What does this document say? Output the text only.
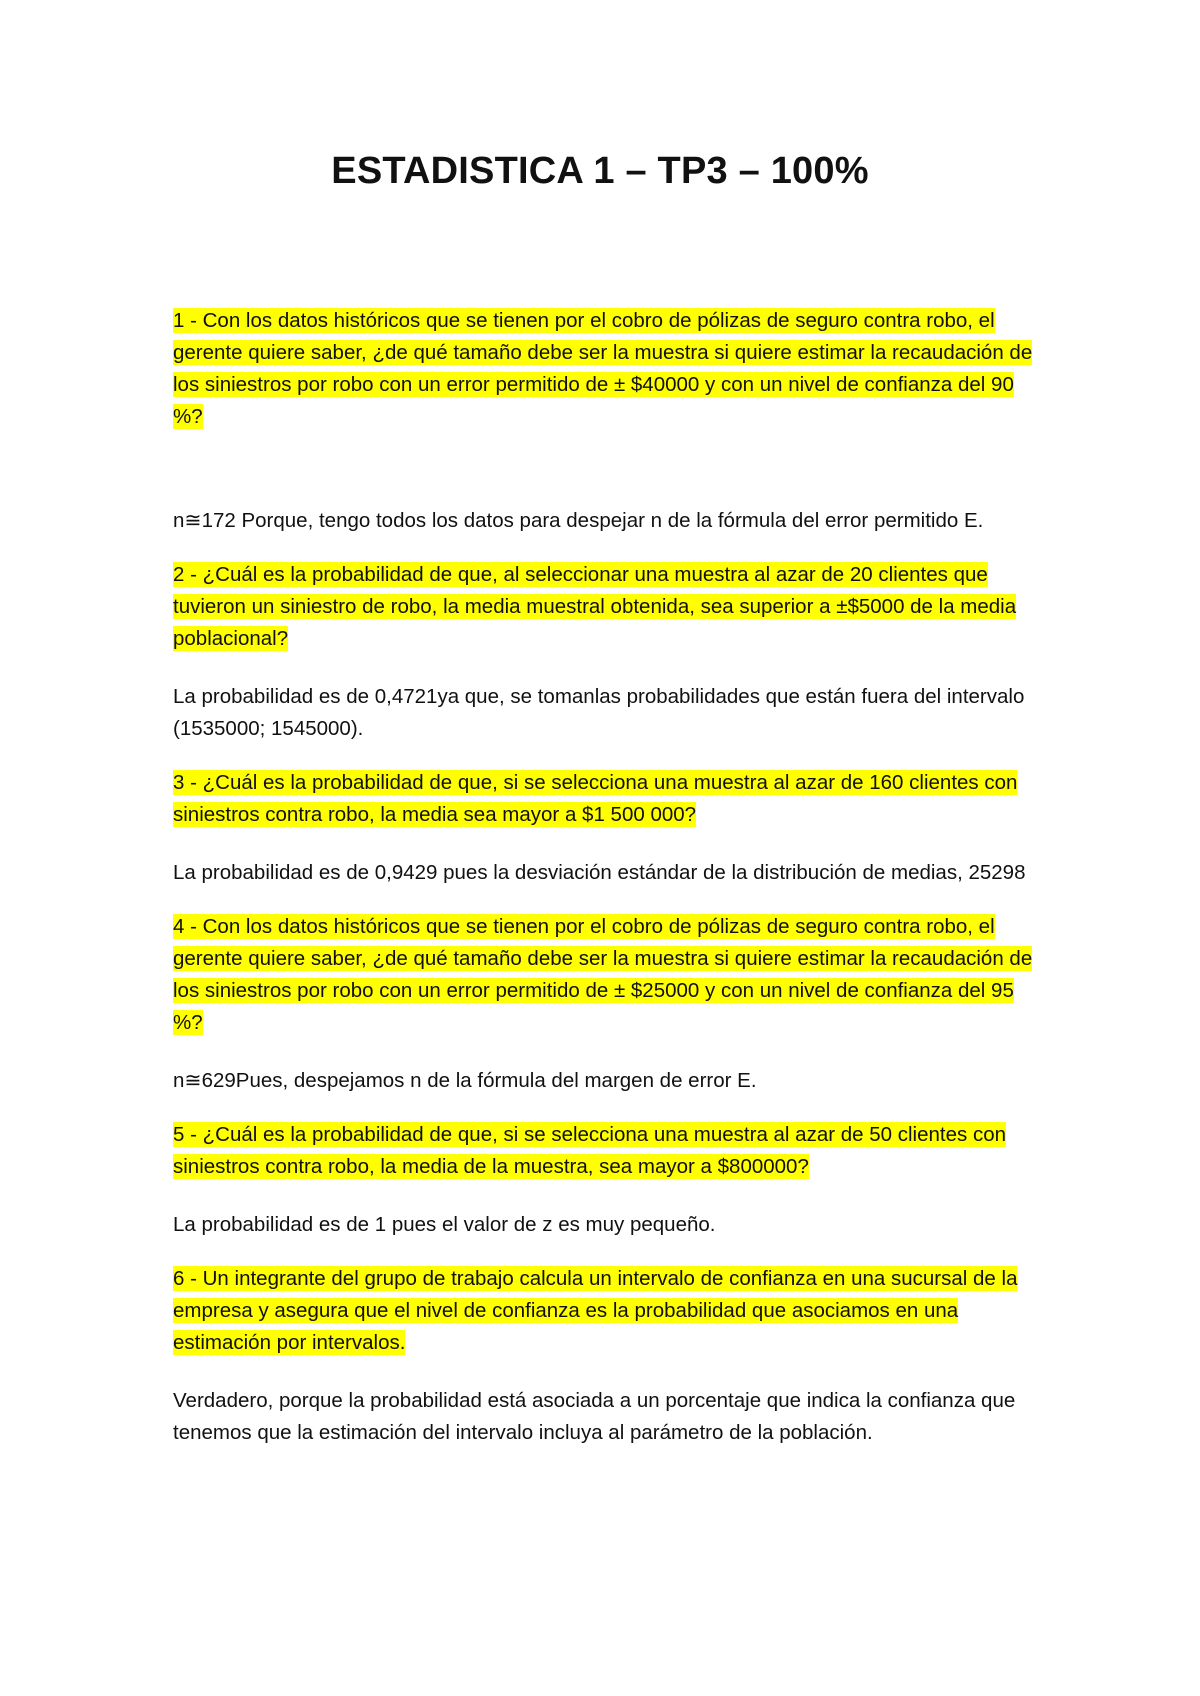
ESTADISTICA 1 – TP3 – 100%

1 - Con los datos históricos que se tienen por el cobro de pólizas de seguro contra robo, el gerente quiere saber, ¿de qué tamaño debe ser la muestra si quiere estimar la recaudación de los siniestros por robo con un error permitido de ± $40000 y con un nivel de confianza del 90 %?

n≅172 Porque, tengo todos los datos para despejar n de la fórmula del error permitido E.

2 - ¿Cuál es la probabilidad de que, al seleccionar una muestra al azar de 20 clientes que tuvieron un siniestro de robo, la media muestral obtenida, sea superior a ±$5000 de la media poblacional?

La probabilidad es de 0,4721ya que, se tomanlas probabilidades que están fuera del intervalo (1535000; 1545000).

3 - ¿Cuál es la probabilidad de que, si se selecciona una muestra al azar de 160 clientes con siniestros contra robo, la media sea mayor a $1 500 000?

La probabilidad es de 0,9429 pues la desviación estándar de la distribución de medias, 25298

4 - Con los datos históricos que se tienen por el cobro de pólizas de seguro contra robo, el gerente quiere saber, ¿de qué tamaño debe ser la muestra si quiere estimar la recaudación de los siniestros por robo con un error permitido de ± $25000 y con un nivel de confianza del 95 %?

n≅629Pues, despejamos n de la fórmula del margen de error E.

5 - ¿Cuál es la probabilidad de que, si se selecciona una muestra al azar de 50 clientes con siniestros contra robo, la media de la muestra, sea mayor a $800000?

La probabilidad es de 1 pues el valor de z es muy pequeño.

6 - Un integrante del grupo de trabajo calcula un intervalo de confianza en una sucursal de la empresa y asegura que el nivel de confianza es la probabilidad que asociamos en una estimación por intervalos.

Verdadero, porque la probabilidad está asociada a un porcentaje que indica la confianza que tenemos que la estimación del intervalo incluya al parámetro de la población.
